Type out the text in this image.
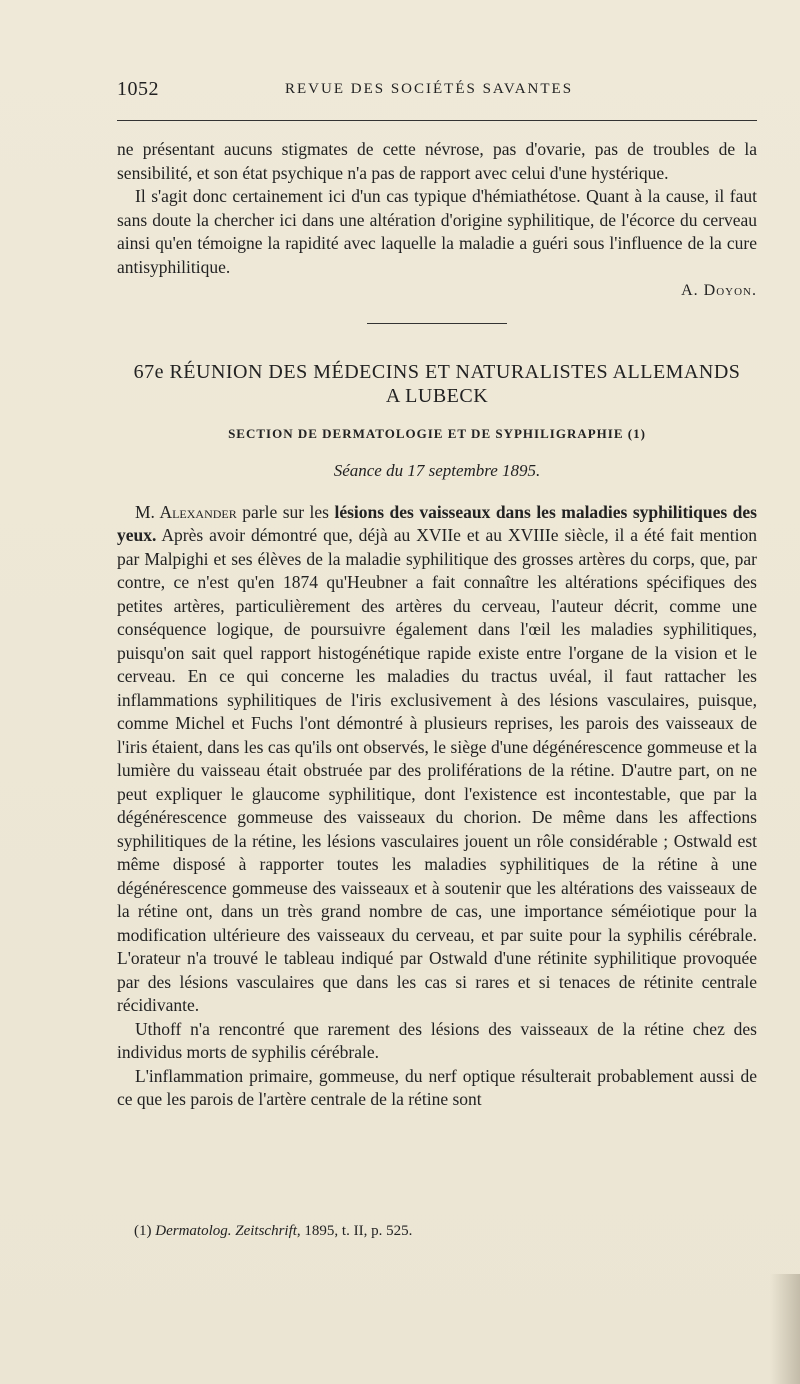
1052	REVUE DES SOCIÉTÉS SAVANTES

ne présentant aucuns stigmates de cette névrose, pas d'ovarie, pas de troubles de la sensibilité, et son état psychique n'a pas de rapport avec celui d'une hystérique.

Il s'agit donc certainement ici d'un cas typique d'hémiathétose. Quant à la cause, il faut sans doute la chercher ici dans une altération d'origine syphilitique, de l'écorce du cerveau ainsi qu'en témoigne la rapidité avec laquelle la maladie a guéri sous l'influence de la cure antisyphilitique.

A. Doyon.

67e RÉUNION DES MÉDECINS ET NATURALISTES ALLEMANDS
A LUBECK
SECTION DE DERMATOLOGIE ET DE SYPHILIGRAPHIE (1)
Séance du 17 septembre 1895.

M. Alexander parle sur les lésions des vaisseaux dans les maladies syphilitiques des yeux. Après avoir démontré que, déjà au XVIIe et au XVIIIe siècle, il a été fait mention par Malpighi et ses élèves de la maladie syphilitique des grosses artères du corps, que, par contre, ce n'est qu'en 1874 qu'Heubner a fait connaître les altérations spécifiques des petites artères, particulièrement des artères du cerveau, l'auteur décrit, comme une conséquence logique, de poursuivre également dans l'œil les maladies syphilitiques, puisqu'on sait quel rapport histogénétique rapide existe entre l'organe de la vision et le cerveau. En ce qui concerne les maladies du tractus uvéal, il faut rattacher les inflammations syphilitiques de l'iris exclusivement à des lésions vasculaires, puisque, comme Michel et Fuchs l'ont démontré à plusieurs reprises, les parois des vaisseaux de l'iris étaient, dans les cas qu'ils ont observés, le siège d'une dégénérescence gommeuse et la lumière du vaisseau était obstruée par des proliférations de la rétine. D'autre part, on ne peut expliquer le glaucome syphilitique, dont l'existence est incontestable, que par la dégénérescence gommeuse des vaisseaux du chorion. De même dans les affections syphilitiques de la rétine, les lésions vasculaires jouent un rôle considérable ; Ostwald est même disposé à rapporter toutes les maladies syphilitiques de la rétine à une dégénérescence gommeuse des vaisseaux et à soutenir que les altérations des vaisseaux de la rétine ont, dans un très grand nombre de cas, une importance séméiotique pour la modification ultérieure des vaisseaux du cerveau, et par suite pour la syphilis cérébrale. L'orateur n'a trouvé le tableau indiqué par Ostwald d'une rétinite syphilitique provoquée par des lésions vasculaires que dans les cas si rares et si tenaces de rétinite centrale récidivante.

Uthoff n'a rencontré que rarement des lésions des vaisseaux de la rétine chez des individus morts de syphilis cérébrale.

L'inflammation primaire, gommeuse, du nerf optique résulterait probablement aussi de ce que les parois de l'artère centrale de la rétine sont

(1) Dermatolog. Zeitschrift, 1895, t. II, p. 525.
